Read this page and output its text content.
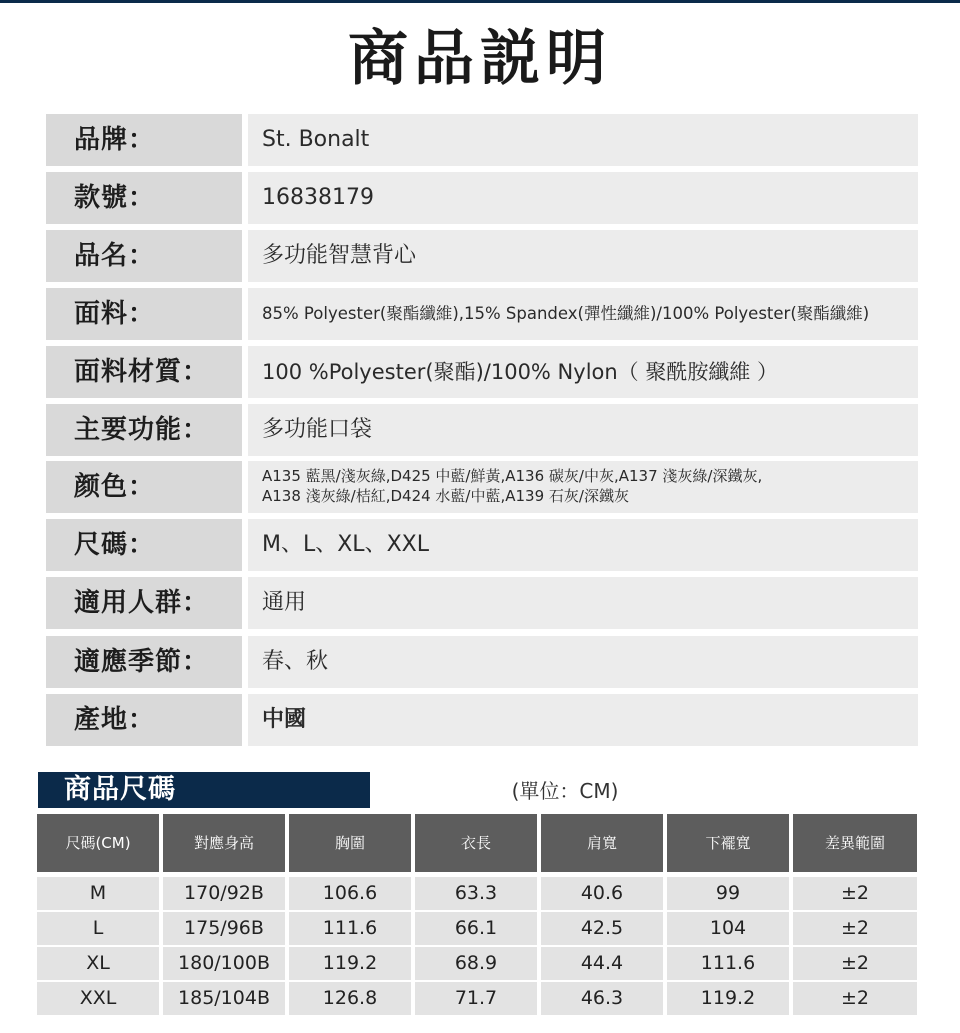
商品説明
品牌：	St. Bonalt
款號：	16838179
品名：	多功能智慧背心
面料：	85% Polyester(聚酯纖維),15% Spandex(彈性纖維)/100% Polyester(聚酯纖維)
面料材質：	100 %Polyester(聚酯)/100% Nylon（ 聚酰胺纖維 ）
主要功能：	多功能口袋
颜色：	A135 藍黑/淺灰綠,D425 中藍/鮮黃,A136 碳灰/中灰,A137 淺灰綠/深鐵灰,
A138 淺灰綠/桔紅,D424 水藍/中藍,A139 石灰/深鐵灰
尺碼：	M、L、XL、XXL
適用人群：	通用
適應季節：	春、秋
產地：	中國
商品尺碼	(單位：CM)
尺碼(CM)	對應身高	胸圍	衣長	肩寬	下襬寬	差異範圍
M	170/92B	106.6	63.3	40.6	99	±2
L	175/96B	111.6	66.1	42.5	104	±2
XL	180/100B	119.2	68.9	44.4	111.6	±2
XXL	185/104B	126.8	71.7	46.3	119.2	±2
